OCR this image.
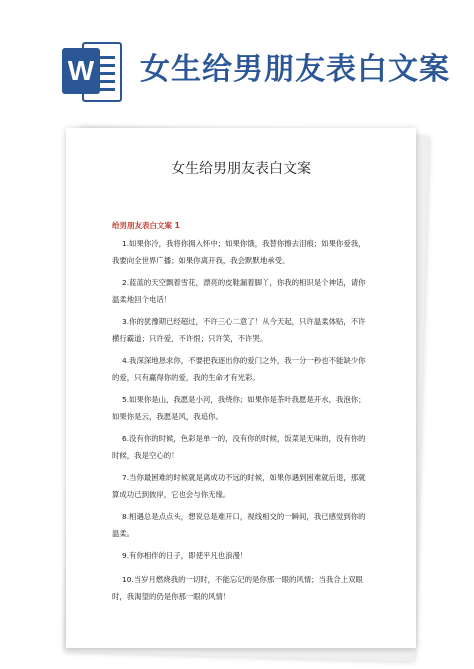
W 女生给男朋友表白文案
女生给男朋友表白文案
给男朋友表白文案 1
1.如果你冷，我将你拥入怀中；如果你饿，我替你擦去泪痕；如果你爱我，
我要向全世界广播；如果你离开我，我会默默地承受。
2.蓝蓝的天空飘着雪花，漂亮的皮鞋漏着脚丫，你我的相识是个神话，请你
温柔地回个电话！
3.你的犹豫期已经超过，不许三心二意了！从今天起，只许温柔体贴，不许
横行霸道；只许爱，不许恨；只许笑，不许哭。
4.我深深地恳求你，不要把我逐出你的爱门之外，我一分一秒也不能缺少你
的爱，只有赢得你的爱，我的生命才有光彩。
5.如果你是山，我愿是小河，我绕你；如果你是茶叶我愿是开水，我泡你；
如果你是云，我愿是风，我追你。
6.没有你的时候，色彩是单一的，没有你的时候，饭菜是无味的，没有你的
时候，我是空心的！
7.当你最困难的时候就是离成功不远的时候，如果你遇到困难就后退，那就
算成功已到彼岸，它也会与你无缘。
8.相遇总是点点头，想说总是难开口，视线相交的一瞬间，我已感觉到你的
温柔。
9.有你相伴的日子，即使平凡也浪漫！
10.当岁月燃烧我的一切时，不能忘记的是你那一眼的风情；当我合上双眼
时，我渴望的仍是你那一眼的风情！
